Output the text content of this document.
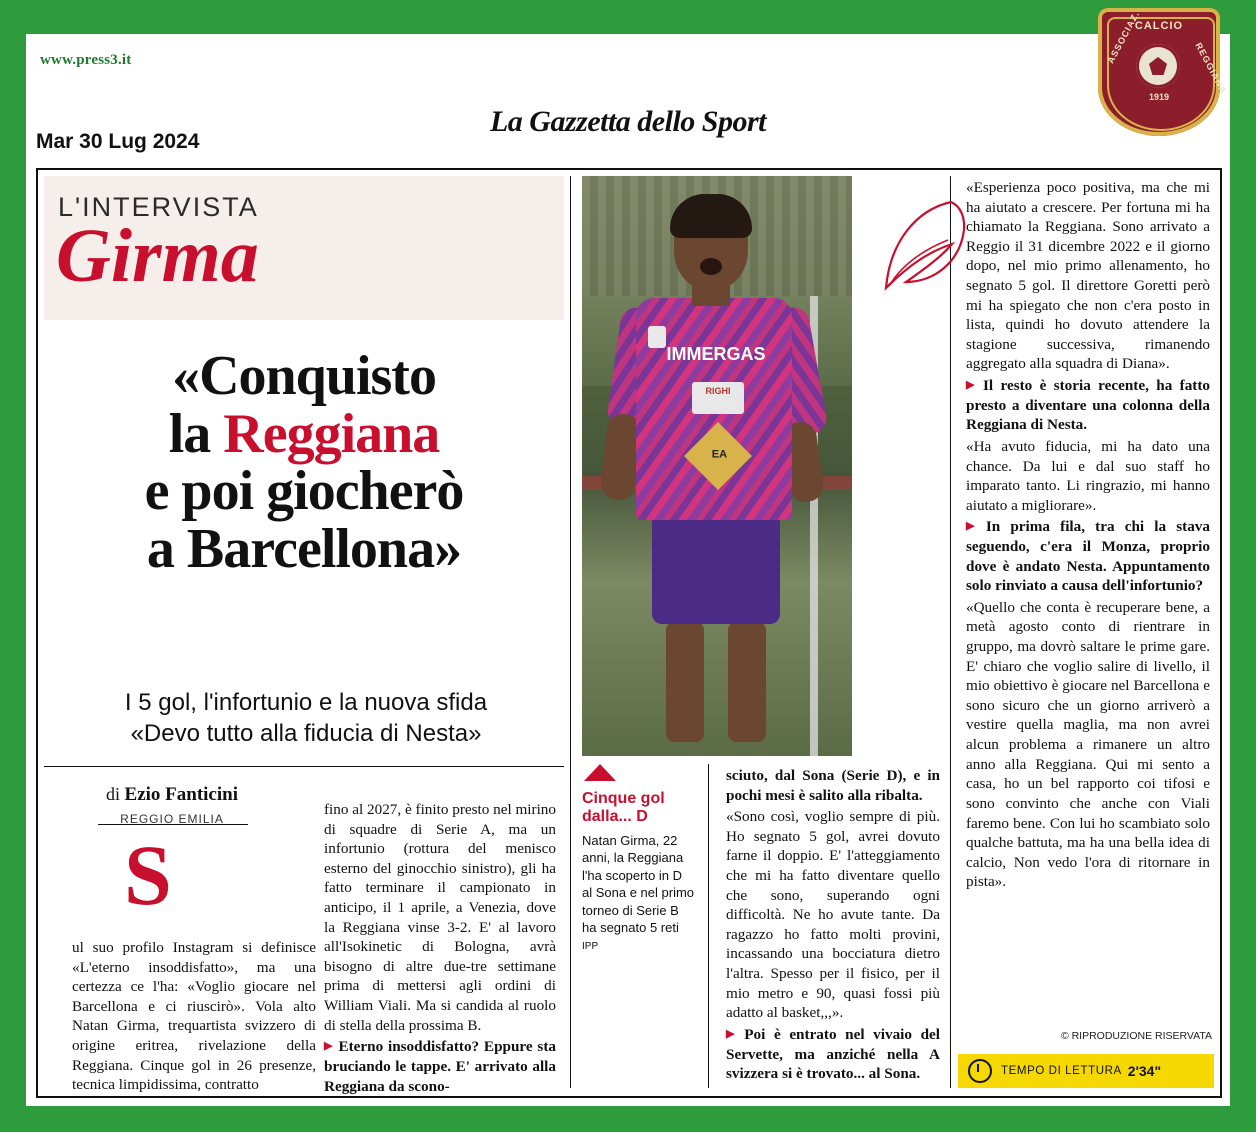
www.press3.it
Mar 30 Lug 2024
La Gazzetta dello Sport
CALCIO
1919
L'INTERVISTA
Girma
«Conquisto
la Reggiana
e poi giocherò
a Barcellona»
I 5 gol, l'infortunio e la nuova sfida
«Devo tutto alla fiducia di Nesta»
di Ezio Fanticini
REGGIO EMILIA
S

ul suo profilo Instagram si definisce «L'eterno insoddisfatto», ma una certezza ce l'ha: «Voglio giocare nel Barcellona e ci riuscirò». Vola alto Natan Girma, trequartista svizzero di origine eritrea, rivelazione della Reggiana. Cinque gol in 26 presenze, tecnica limpidissima, contratto

fino al 2027, è finito presto nel mirino di squadre di Serie A, ma un infortunio (rottura del menisco esterno del ginocchio sinistro), gli ha fatto terminare il campionato in anticipo, il 1 aprile, a Venezia, dove la Reggiana vinse 3-2. E' al lavoro all'Isokinetic di Bologna, avrà bisogno di altre due-tre settimane prima di mettersi agli ordini di William Viali. Ma si candida al ruolo di stella della prossima B.

▶ Eterno insoddisfatto? Eppure sta bruciando le tappe. E' arrivato alla Reggiana da scono-

IMMERGAS
RIGHI
EA
Cinque gol
dalla... D
Natan Girma, 22 anni, la Reggiana l'ha scoperto in D al Sona e nel primo torneo di Serie B ha segnato 5 reti IPP

sciuto, dal Sona (Serie D), e in pochi mesi è salito alla ribalta.

«Sono così, voglio sempre di più. Ho segnato 5 gol, avrei dovuto farne il doppio. E' l'atteggiamento che mi ha fatto diventare quello che sono, superando ogni difficoltà. Ne ho avute tante. Da ragazzo ho fatto molti provini, incassando una bocciatura dietro l'altra. Spesso per il fisico, per il mio metro e 90, quasi fossi più adatto al basket,,,».

▶ Poi è entrato nel vivaio del Servette, ma anziché nella A svizzera si è trovato... al Sona.

«Esperienza poco positiva, ma che mi ha aiutato a crescere. Per fortuna mi ha chiamato la Reggiana. Sono arrivato a Reggio il 31 dicembre 2022 e il giorno dopo, nel mio primo allenamento, ho segnato 5 gol. Il direttore Goretti però mi ha spiegato che non c'era posto in lista, quindi ho dovuto attendere la stagione successiva, rimanendo aggregato alla squadra di Diana».

▶ Il resto è storia recente, ha fatto presto a diventare una colonna della Reggiana di Nesta.

«Ha avuto fiducia, mi ha dato una chance. Da lui e dal suo staff ho imparato tanto. Li ringrazio, mi hanno aiutato a migliorare».

▶ In prima fila, tra chi la stava seguendo, c'era il Monza, proprio dove è andato Nesta. Appuntamento solo rinviato a causa dell'infortunio?

«Quello che conta è recuperare bene, a metà agosto conto di rientrare in gruppo, ma dovrò saltare le prime gare. E' chiaro che voglio salire di livello, il mio obiettivo è giocare nel Barcellona e sono sicuro che un giorno arriverò a vestire quella maglia, ma non avrei alcun problema a rimanere un altro anno alla Reggiana. Qui mi sento a casa, ho un bel rapporto coi tifosi e sono convinto che anche con Viali faremo bene. Con lui ho scambiato solo qualche battuta, ma ha una bella idea di calcio, Non vedo l'ora di ritornare in pista».

© RIPRODUZIONE RISERVATA
TEMPO DI LETTURA 2'34"
